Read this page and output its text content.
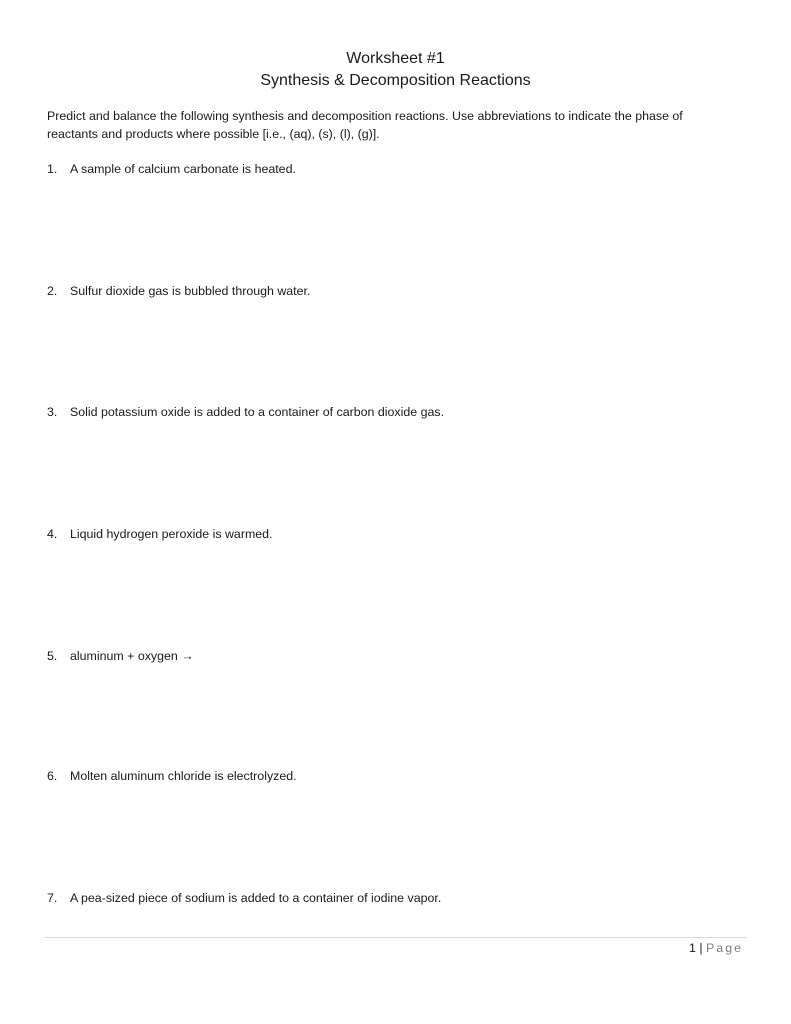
Worksheet #1
Synthesis & Decomposition Reactions

Predict and balance the following synthesis and decomposition reactions. Use abbreviations to indicate the phase of reactants and products where possible [i.e., (aq), (s), (l), (g)].

1. A sample of calcium carbonate is heated.
2. Sulfur dioxide gas is bubbled through water.
3. Solid potassium oxide is added to a container of carbon dioxide gas.
4. Liquid hydrogen peroxide is warmed.
5. aluminum + oxygen →
6. Molten aluminum chloride is electrolyzed.
7. A pea-sized piece of sodium is added to a container of iodine vapor.
1 | Page
